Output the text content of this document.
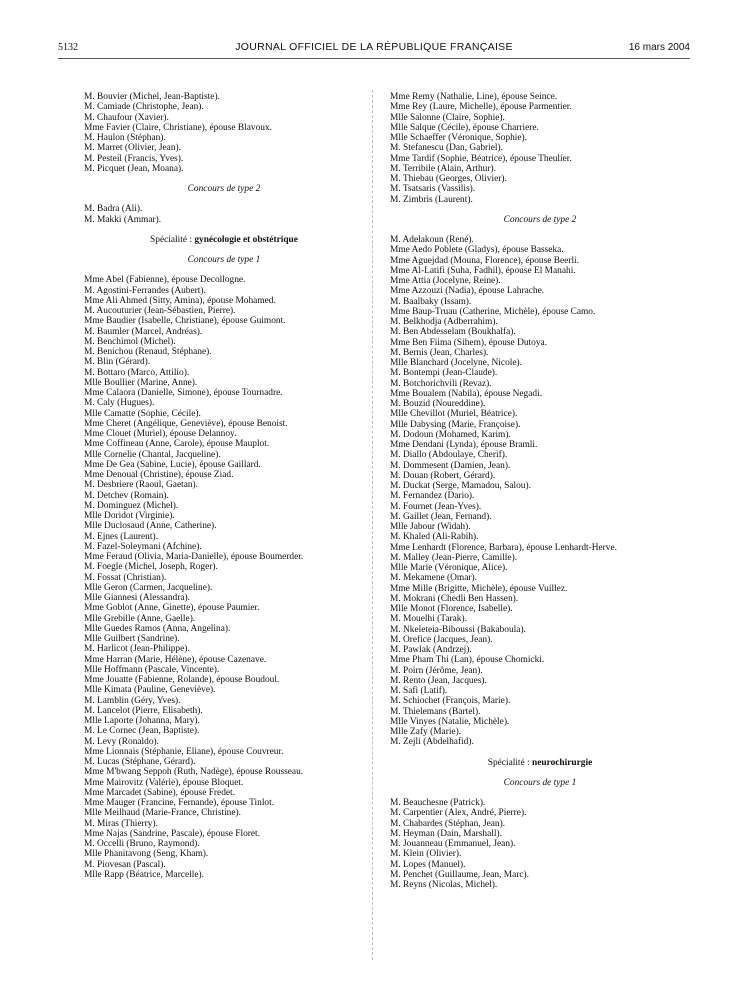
5132	JOURNAL OFFICIEL DE LA RÉPUBLIQUE FRANÇAISE	16 mars 2004
M. Bouvier (Michel, Jean-Baptiste).
M. Camiade (Christophe, Jean).
M. Chaufour (Xavier).
Mme Favier (Claire, Christiane), épouse Blavoux.
M. Haulon (Stéphan).
M. Marret (Olivier, Jean).
M. Pesteil (Francis, Yves).
M. Picquet (Jean, Moana).
Concours de type 2
M. Badra (Ali).
M. Makki (Ammar).
Spécialité : gynécologie et obstétrique
Concours de type 1
Mme Abel (Fabienne), épouse Decollogne.
M. Agostini-Ferrandes (Aubert).
Mme Ali Ahmed (Sitty, Amina), épouse Mohamed.
M. Aucouturier (Jean-Sébastien, Pierre).
Mme Baudier (Isabelle, Christiane), épouse Guimont.
M. Baumler (Marcel, Andréas).
M. Benchimol (Michel).
M. Benichou (Renaud, Stéphane).
M. Blin (Gérard).
M. Bottaro (Marco, Attilio).
Mlle Boullier (Marine, Anne).
Mme Calaora (Danielle, Simone), épouse Tournadre.
M. Caly (Hugues).
Mlle Camatte (Sophie, Cécile).
Mme Cheret (Angélique, Geneviève), épouse Benoist.
Mme Clouet (Muriel), épouse Delannoy.
Mme Coffineau (Anne, Carole), épouse Mauplot.
Mlle Cornelie (Chantal, Jacqueline).
Mme De Gea (Sabine, Lucie), épouse Gaillard.
Mme Denoual (Christine), épouse Ziad.
M. Desbriere (Raoul, Gaetan).
M. Detchev (Romain).
M. Dominguez (Michel).
Mlle Doridot (Virginie).
Mlle Duclosaud (Anne, Catherine).
M. Ejnes (Laurent).
M. Fazel-Soleymani (Afchine).
Mme Feraud (Olivia, Maria-Danielle), épouse Boumerder.
M. Foegle (Michel, Joseph, Roger).
M. Fossat (Christian).
Mlle Geron (Carmen, Jacqueline).
Mlle Giannesi (Alessandra).
Mme Goblot (Anne, Ginette), épouse Paumier.
Mlle Grebille (Anne, Gaelle).
Mlle Guedes Ramos (Anna, Angelina).
Mlle Guilbert (Sandrine).
M. Harlicot (Jean-Philippe).
Mme Harran (Marie, Hélène), épouse Cazenave.
Mlle Hoffmann (Pascale, Vincente).
Mme Jouatte (Fabienne, Rolande), épouse Boudoul.
Mlle Kimata (Pauline, Geneviève).
M. Lamblin (Géry, Yves).
M. Lancelot (Pierre, Elisabeth).
Mlle Laporte (Johanna, Mary).
M. Le Cornec (Jean, Baptiste).
M. Levy (Ronaldo).
Mme Lionnais (Stéphanie, Eliane), épouse Couvreur.
M. Lucas (Stéphane, Gérard).
Mme M'bwang Seppoh (Ruth, Nadège), épouse Rousseau.
Mme Mairovitz (Valérie), épouse Bloquet.
Mme Marcadet (Sabine), épouse Fredet.
Mme Mauger (Francine, Fernande), épouse Tinlot.
Mlle Meilhaud (Marie-France, Christine).
M. Miras (Thierry).
Mme Najas (Sandrine, Pascale), épouse Floret.
M. Occelli (Bruno, Raymond).
Mlle Phanitavong (Seng, Kham).
M. Piovesan (Pascal).
Mlle Rapp (Béatrice, Marcelle).
Mme Remy (Nathalie, Line), épouse Seince.
Mme Rey (Laure, Michelle), épouse Parmentier.
Mlle Salonne (Claire, Sophie).
Mlle Salque (Cécile), épouse Charriere.
Mlle Schaeffer (Véronique, Sophie).
M. Stefanescu (Dan, Gabriel).
Mme Tardif (Sophie, Béatrice), épouse Theulier.
M. Terribile (Alain, Arthur).
M. Thiebau (Georges, Olivier).
M. Tsatsaris (Vassilis).
M. Zimbris (Laurent).
Concours de type 2
M. Adelakoun (René).
Mme Aedo Poblete (Gladys), épouse Basseka.
Mme Aguejdad (Mouna, Florence), épouse Beerli.
Mme Al-Latifi (Suha, Fadhil), épouse El Manahi.
Mme Attia (Jocelyne, Reine).
Mme Azzouzi (Nadia), épouse Lahrache.
M. Baalbaky (Issam).
Mme Baup-Truau (Catherine, Michèle), épouse Camo.
M. Belkhodja (Adberrahim).
M. Ben Abdesselam (Boukhalfa).
Mme Ben Fiima (Sihem), épouse Dutoya.
M. Bernis (Jean, Charles).
Mlle Blanchard (Jocelyne, Nicole).
M. Bontempi (Jean-Claude).
M. Botchorichvili (Revaz).
Mme Boualem (Nabila), épouse Negadi.
M. Bouzid (Noureddine).
Mlle Chevillot (Muriel, Béatrice).
Mlle Dabysing (Marie, Françoise).
M. Dodoun (Mohamed, Karim).
Mme Dendani (Lynda), épouse Bramli.
M. Diallo (Abdoulaye, Cherif).
M. Dommesent (Damien, Jean).
M. Douan (Robert, Gérard).
M. Duckat (Serge, Mamadou, Salou).
M. Fernandez (Dario).
M. Fournet (Jean-Yves).
M. Gaillet (Jean, Fernand).
Mlle Jabour (Widah).
M. Khaled (Ali-Rabih).
Mme Lenhardt (Florence, Barbara), épouse Lenhardt-Herve.
M. Malley (Jean-Pierre, Camille).
Mlle Marie (Véronique, Alice).
M. Mekamene (Omar).
Mme Mille (Brigitte, Michèle), épouse Vuillez.
M. Mokrani (Chedli Ben Hassen).
Mlle Monot (Florence, Isabelle).
M. Mouelhi (Tarak).
M. Nkeleteia-Biboussi (Bakaboula).
M. Orefice (Jacques, Jean).
M. Pawlak (Andrzej).
Mme Pham Thi (Lan), épouse Chomicki.
M. Poirn (Jérôme, Jean).
M. Rento (Jean, Jacques).
M. Safi (Latif).
M. Schiochet (François, Marie).
M. Thielemans (Bartel).
Mlle Vinyes (Natalie, Michèle).
Mlle Zafy (Marie).
M. Zejli (Abdelhafid).
Spécialité : neurochirurgie
Concours de type 1
M. Beauchesne (Patrick).
M. Carpentier (Alex, André, Pierre).
M. Chabardes (Stéphan, Jean).
M. Heyman (Dain, Marshall).
M. Jouanneau (Emmanuel, Jean).
M. Klein (Olivier).
M. Lopes (Manuel).
M. Penchet (Guillaume, Jean, Marc).
M. Reyns (Nicolas, Michel).
